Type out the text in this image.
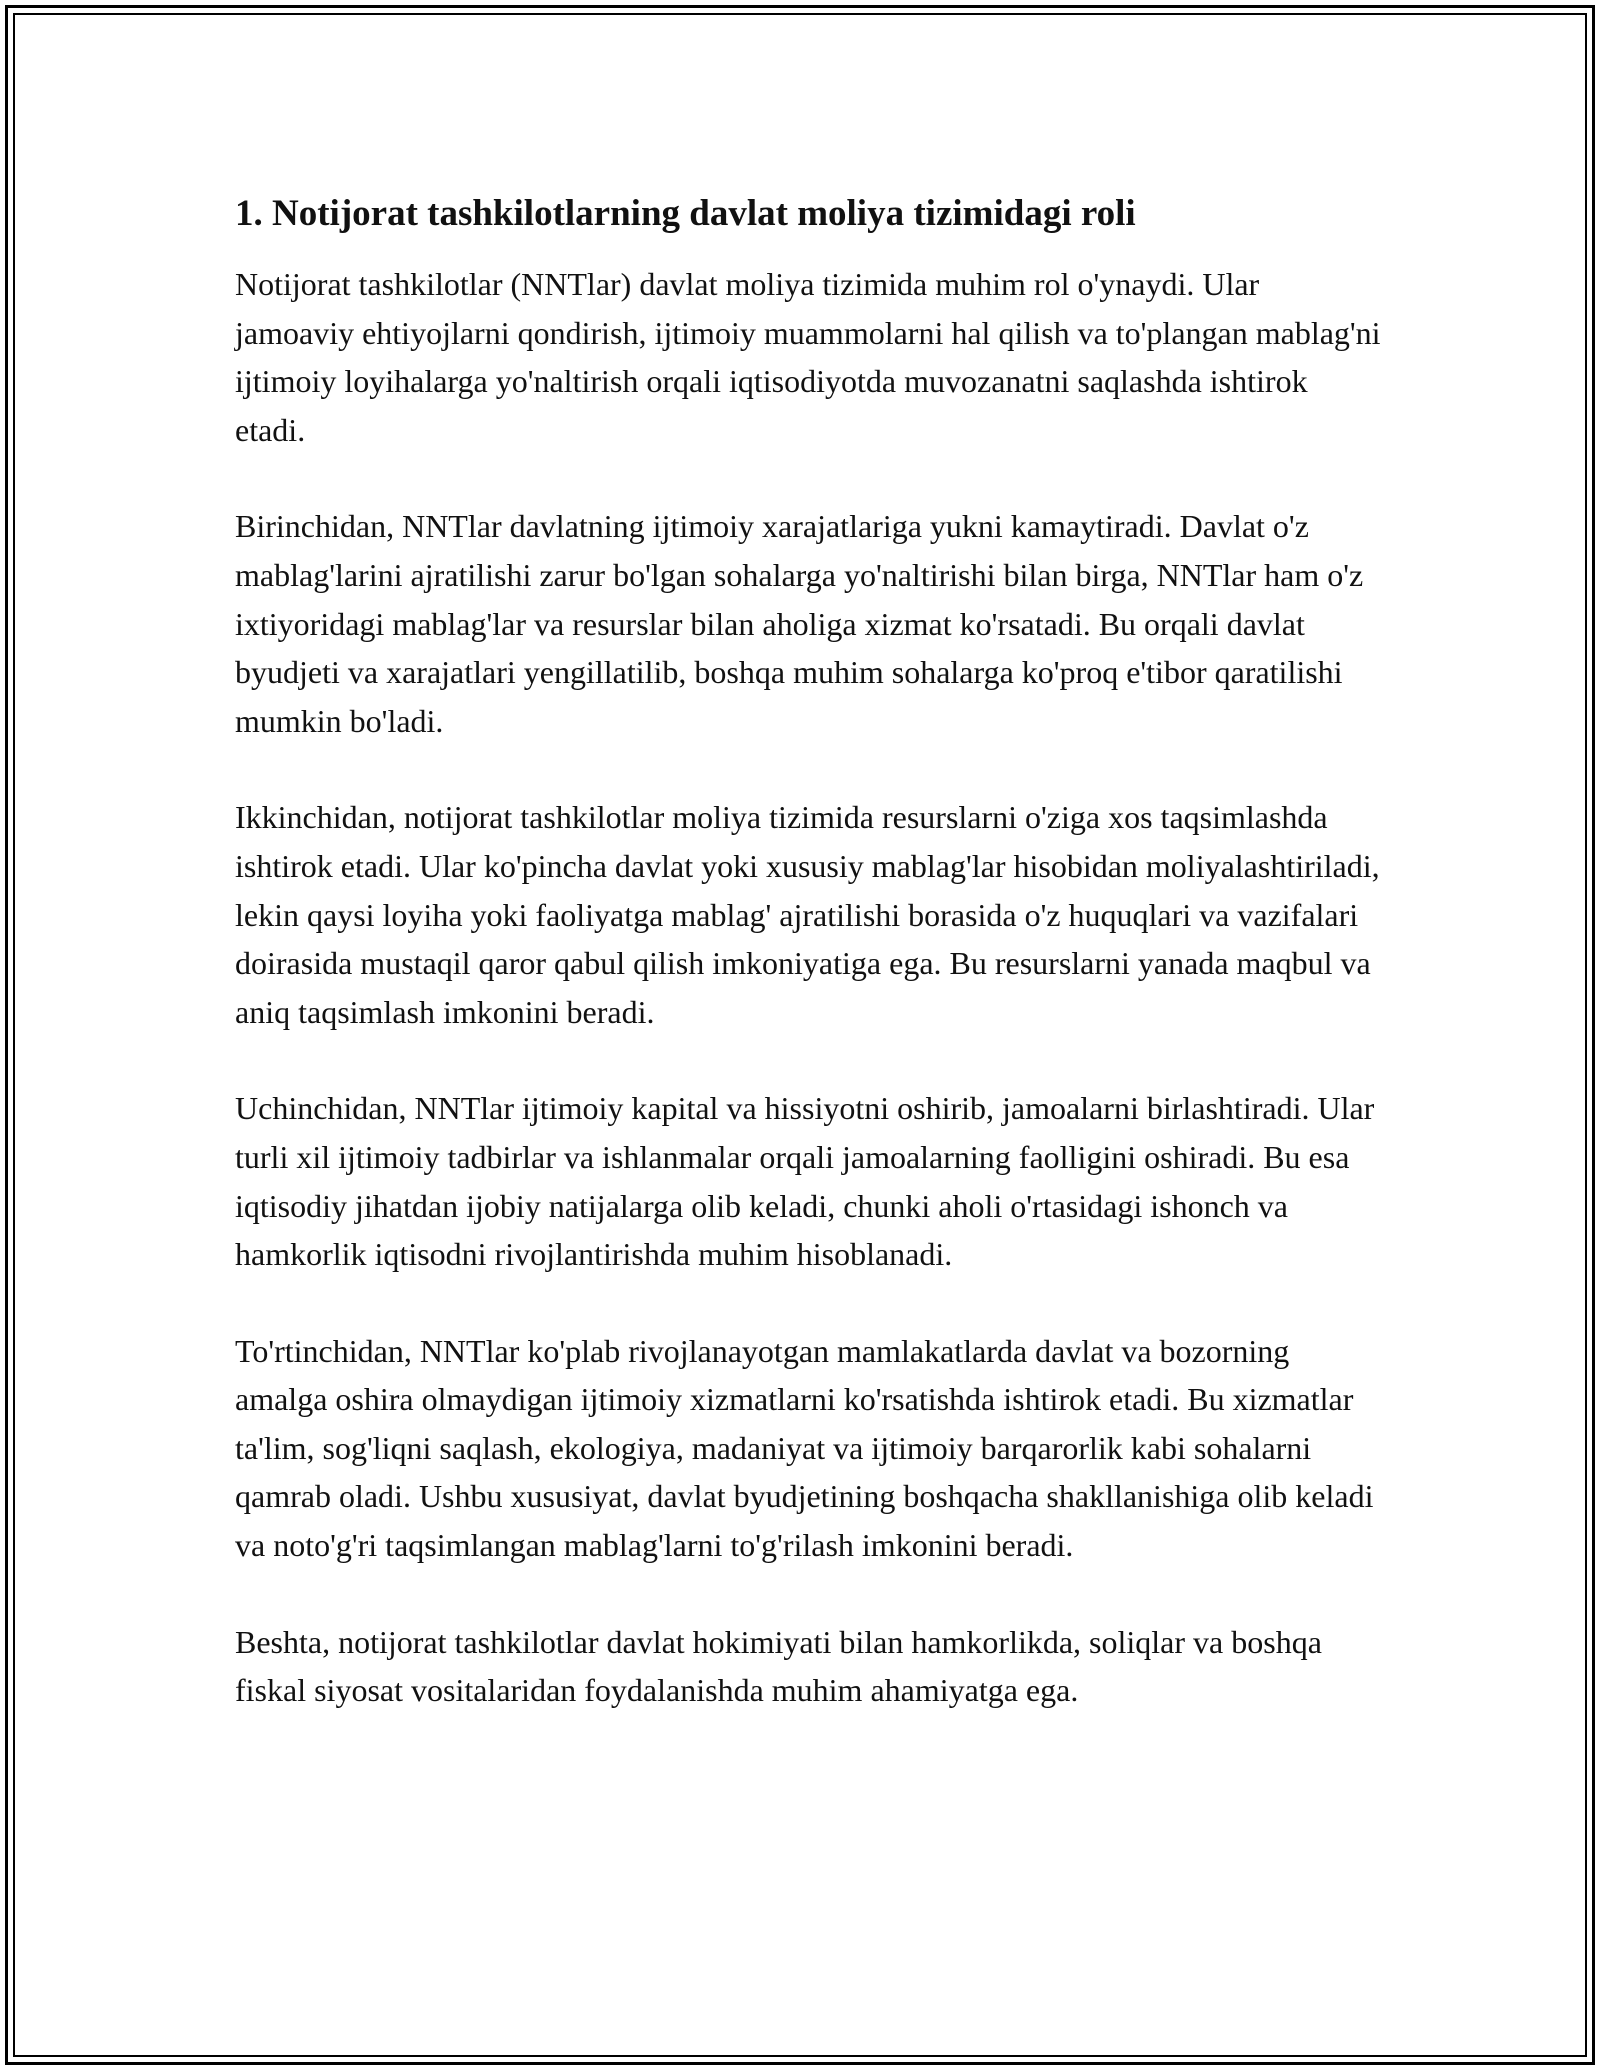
1. Notijorat tashkilotlarning davlat moliya tizimidagi roli

Notijorat tashkilotlar (NNTlar) davlat moliya tizimida muhim rol o'ynaydi. Ular jamoaviy ehtiyojlarni qondirish, ijtimoiy muammolarni hal qilish va to'plangan mablag'ni ijtimoiy loyihalarga yo'naltirish orqali iqtisodiyotda muvozanatni saqlashda ishtirok etadi.

Birinchidan, NNTlar davlatning ijtimoiy xarajatlariga yukni kamaytiradi. Davlat o'z mablag'larini ajratilishi zarur bo'lgan sohalarga yo'naltirishi bilan birga, NNTlar ham o'z ixtiyoridagi mablag'lar va resurslar bilan aholiga xizmat ko'rsatadi. Bu orqali davlat byudjeti va xarajatlari yengillatilib, boshqa muhim sohalarga ko'proq e'tibor qaratilishi mumkin bo'ladi.

Ikkinchidan, notijorat tashkilotlar moliya tizimida resurslarni o'ziga xos taqsimlashda ishtirok etadi. Ular ko'pincha davlat yoki xususiy mablag'lar hisobidan moliyalashtiriladi, lekin qaysi loyiha yoki faoliyatga mablag' ajratilishi borasida o'z huquqlari va vazifalari doirasida mustaqil qaror qabul qilish imkoniyatiga ega. Bu resurslarni yanada maqbul va aniq taqsimlash imkonini beradi.

Uchinchidan, NNTlar ijtimoiy kapital va hissiyotni oshirib, jamoalarni birlashtiradi. Ular turli xil ijtimoiy tadbirlar va ishlanmalar orqali jamoalarning faolligini oshiradi. Bu esa iqtisodiy jihatdan ijobiy natijalarga olib keladi, chunki aholi o'rtasidagi ishonch va hamkorlik iqtisodni rivojlantirishda muhim hisoblanadi.

To'rtinchidan, NNTlar ko'plab rivojlanayotgan mamlakatlarda davlat va bozorning amalga oshira olmaydigan ijtimoiy xizmatlarni ko'rsatishda ishtirok etadi. Bu xizmatlar ta'lim, sog'liqni saqlash, ekologiya, madaniyat va ijtimoiy barqarorlik kabi sohalarni qamrab oladi. Ushbu xususiyat, davlat byudjetining boshqacha shakllanishiga olib keladi va noto'g'ri taqsimlangan mablag'larni to'g'rilash imkonini beradi.

Beshta, notijorat tashkilotlar davlat hokimiyati bilan hamkorlikda, soliqlar va boshqa fiskal siyosat vositalaridan foydalanishda muhim ahamiyatga ega.
